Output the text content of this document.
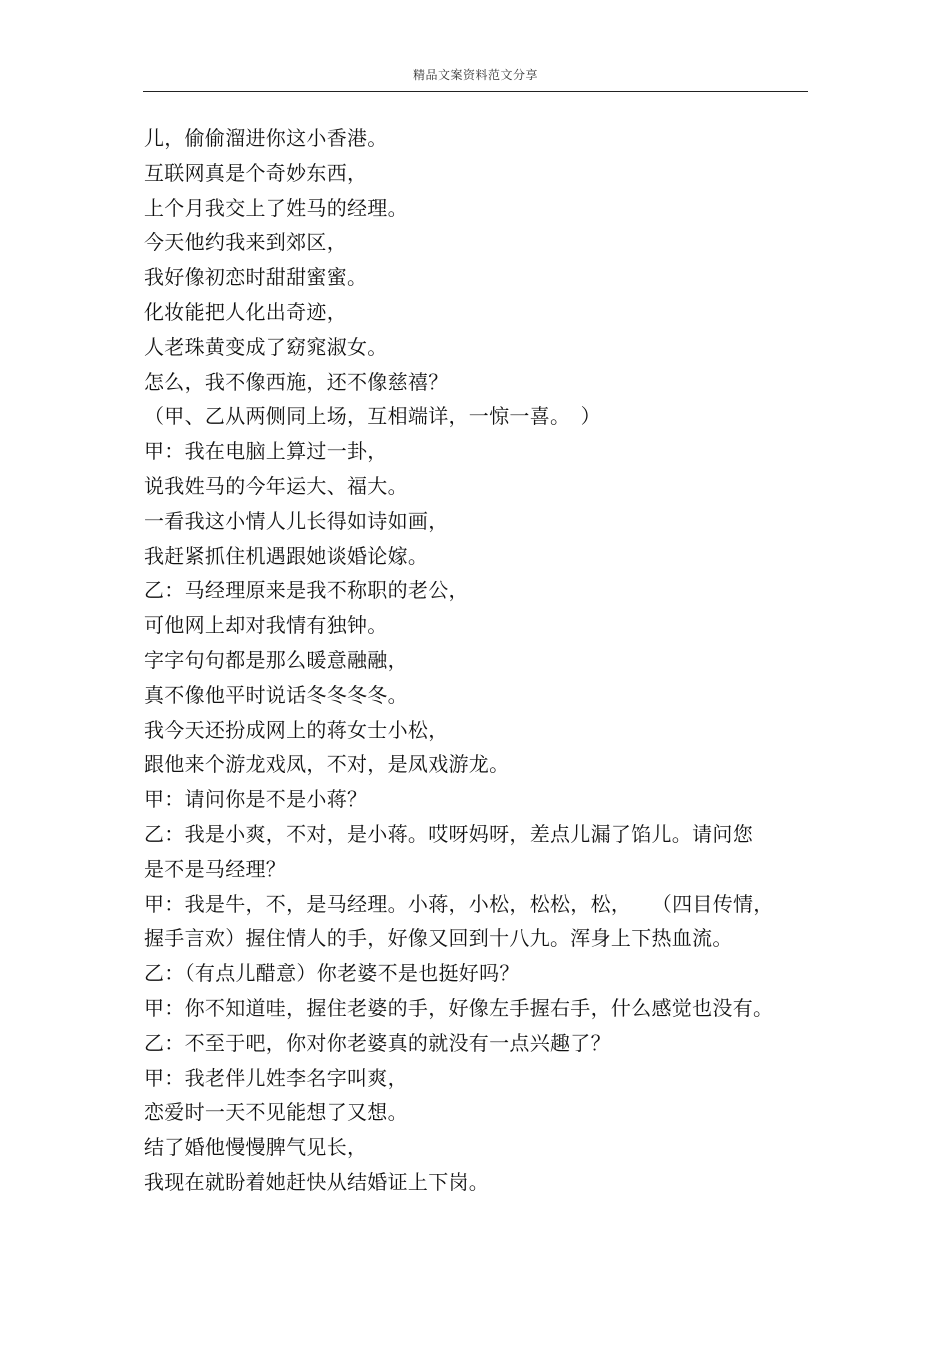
精品文案资料范文分享
儿，偷偷溜进你这小香港。
互联网真是个奇妙东西，
上个月我交上了姓马的经理。
今天他约我来到郊区，
我好像初恋时甜甜蜜蜜。
化妆能把人化出奇迹，
人老珠黄变成了窈窕淑女。
怎么，我不像西施，还不像慈禧？
（甲、乙从两侧同上场，互相端详，一惊一喜。　）
甲：我在电脑上算过一卦，
说我姓马的今年运大、福大。
一看我这小情人儿长得如诗如画，
我赶紧抓住机遇跟她谈婚论嫁。
乙：马经理原来是我不称职的老公，
可他网上却对我情有独钟。
字字句句都是那么暖意融融，
真不像他平时说话冬冬冬冬。
我今天还扮成网上的蒋女士小松，
跟他来个游龙戏凤，不对，是凤戏游龙。
甲：请问你是不是小蒋？
乙：我是小爽，不对，是小蒋。哎呀妈呀，差点儿漏了馅儿。请问您
是不是马经理？
甲：我是牛，不，是马经理。小蒋，小松，松松，松，　　（四目传情，
握手言欢）握住情人的手，好像又回到十八九。浑身上下热血流。
乙：（有点儿醋意）你老婆不是也挺好吗？
甲：你不知道哇，握住老婆的手，好像左手握右手，什么感觉也没有。
乙：不至于吧，你对你老婆真的就没有一点兴趣了？
甲：我老伴儿姓李名字叫爽，
恋爱时一天不见能想了又想。
结了婚他慢慢脾气见长，
我现在就盼着她赶快从结婚证上下岗。
